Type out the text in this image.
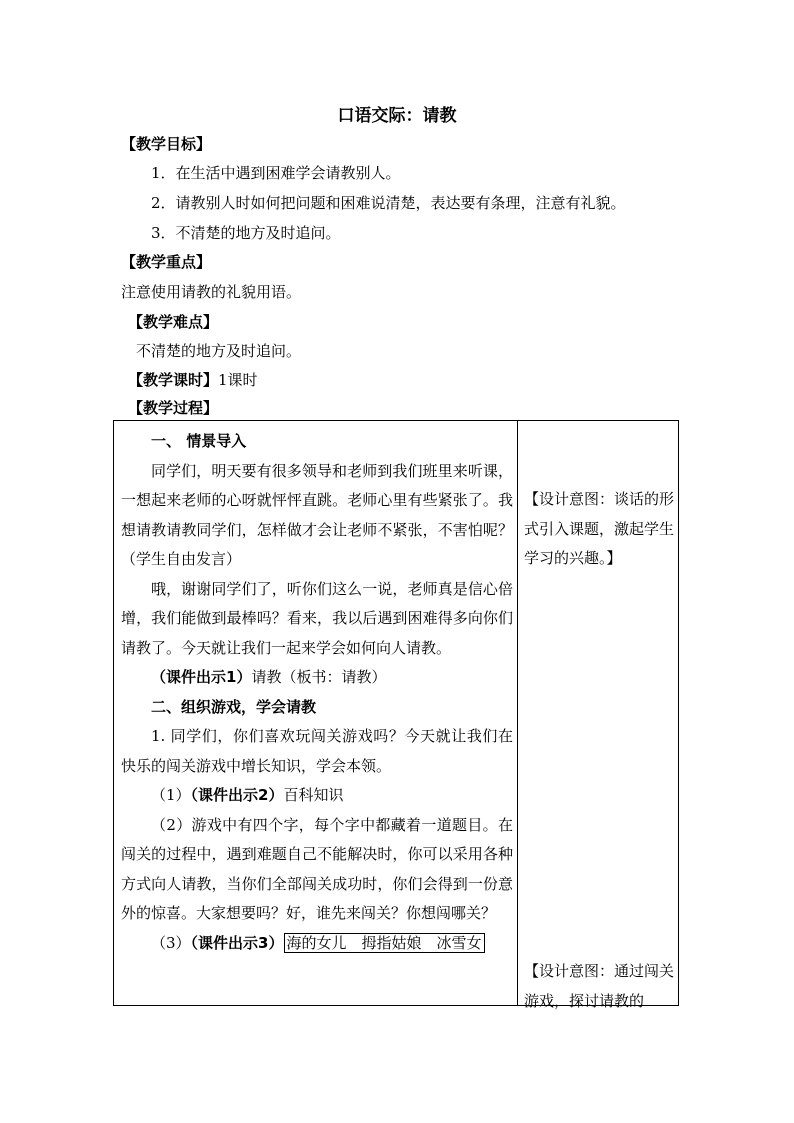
口语交际：请教
【教学目标】
1．在生活中遇到困难学会请教别人。
2．请教别人时如何把问题和困难说清楚，表达要有条理，注意有礼貌。
3．不清楚的地方及时追问。
【教学重点】
注意使用请教的礼貌用语。
【教学难点】
不清楚的地方及时追问。
【教学课时】1课时
【教学过程】
一、 情景导入
同学们，明天要有很多领导和老师到我们班里来听课，一想起来老师的心呀就怦怦直跳。老师心里有些紧张了。我想请教请教同学们，怎样做才会让老师不紧张，不害怕呢？（学生自由发言）
哦，谢谢同学们了，听你们这么一说，老师真是信心倍增，我们能做到最棒吗？看来，我以后遇到困难得多向你们请教了。今天就让我们一起来学会如何向人请教。
（课件出示1）请教（板书：请教）
二、组织游戏，学会请教
1. 同学们，你们喜欢玩闯关游戏吗？今天就让我们在快乐的闯关游戏中增长知识，学会本领。
（1）（课件出示2）百科知识
（2）游戏中有四个字，每个字中都藏着一道题目。在闯关的过程中，遇到难题自己不能解决时，你可以采用各种方式向人请教，当你们全部闯关成功时，你们会得到一份意外的惊喜。大家想要吗？好，谁先来闯关？你想闯哪关？
（3）（课件出示3） 海的女儿　拇指姑娘　冰雪女
【设计意图：谈话的形式引入课题，激起学生学习的兴趣。】
【设计意图：通过闯关游戏，探讨请教的
